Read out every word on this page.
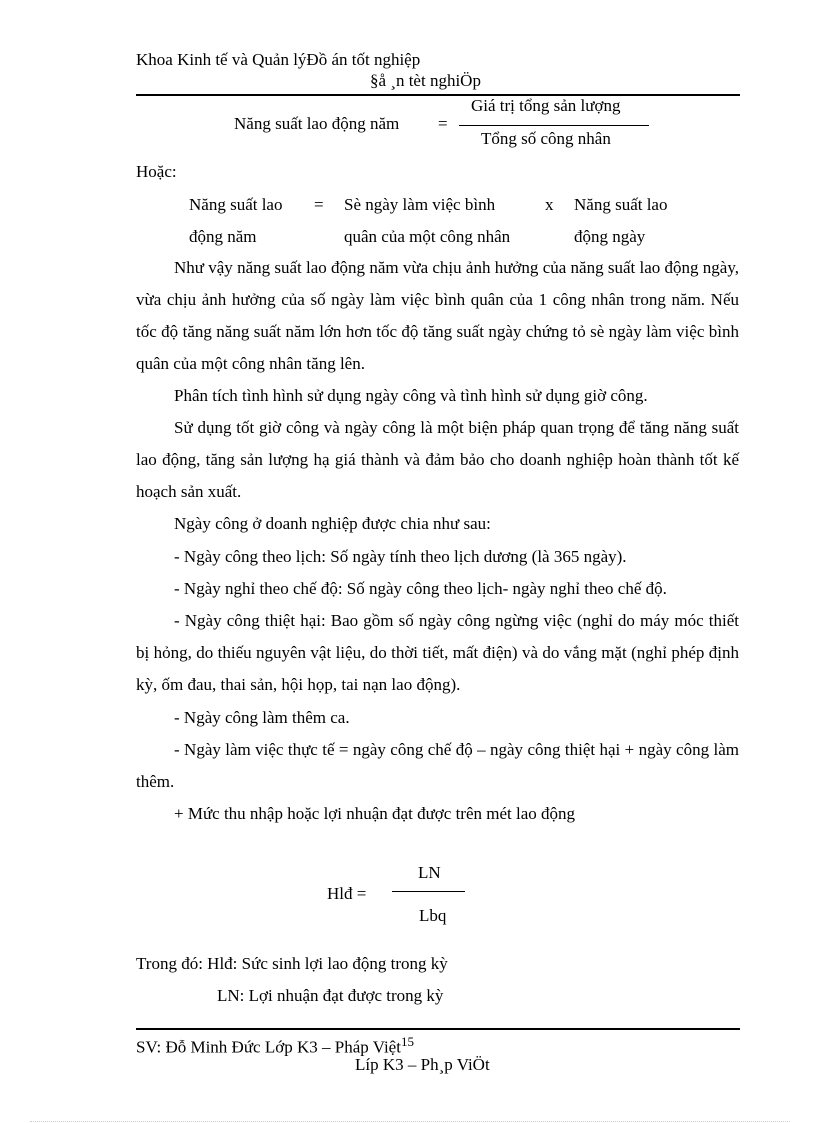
Khoa Kinh tế và Quản lýĐồ án tốt nghiệp
§å ¸n tèt nghiÖp
Năng suất lao động năm =
Giá trị tổng sản lượng
Tổng số công nhân
Hoặc:
Năng suất lao
động năm
= Sè ngày làm việc bình
quân của một công nhân
x Năng suất lao
động ngày
Như vậy năng suất lao động năm vừa chịu ảnh hưởng của năng suất lao động ngày, vừa chịu ảnh hưởng của số ngày làm việc bình quân của 1 công nhân trong năm. Nếu tốc độ tăng năng suất năm lớn hơn tốc độ tăng suất ngày chứng tỏ sè ngày làm việc bình quân của một công nhân tăng lên.
Phân tích tình hình sử dụng ngày công và tình hình sử dụng giờ công.
Sử dụng tốt giờ công và ngày công là một biện pháp quan trọng để tăng năng suất lao động, tăng sản lượng hạ giá thành và đảm bảo cho doanh nghiệp hoàn thành tốt kế hoạch sản xuất.
Ngày công ở doanh nghiệp được chia như sau:
- Ngày công theo lịch: Số ngày tính theo lịch dương (là 365 ngày).
- Ngày nghỉ theo chế độ: Số ngày công theo lịch- ngày nghỉ theo chế độ.
- Ngày công thiệt hại: Bao gồm số ngày công ngừng việc (nghỉ do máy móc thiết bị hỏng, do thiếu nguyên vật liệu, do thời tiết, mất điện) và do vắng mặt (nghỉ phép định kỳ, ốm đau, thai sản, hội họp, tai nạn lao động).
- Ngày công làm thêm ca.
- Ngày làm việc thực tế = ngày công chế độ – ngày công thiệt hại + ngày công làm thêm.
+ Mức thu nhập hoặc lợi nhuận đạt được trên mét lao động
Hlđ =
LN
Lbq
Trong đó: Hlđ: Sức sinh lợi lao động trong kỳ
LN: Lợi nhuận đạt được trong kỳ
SV: Đỗ Minh Đức Lớp K3 – Pháp Việt$^{15}$
Líp K3 – Ph¸p ViÖt
